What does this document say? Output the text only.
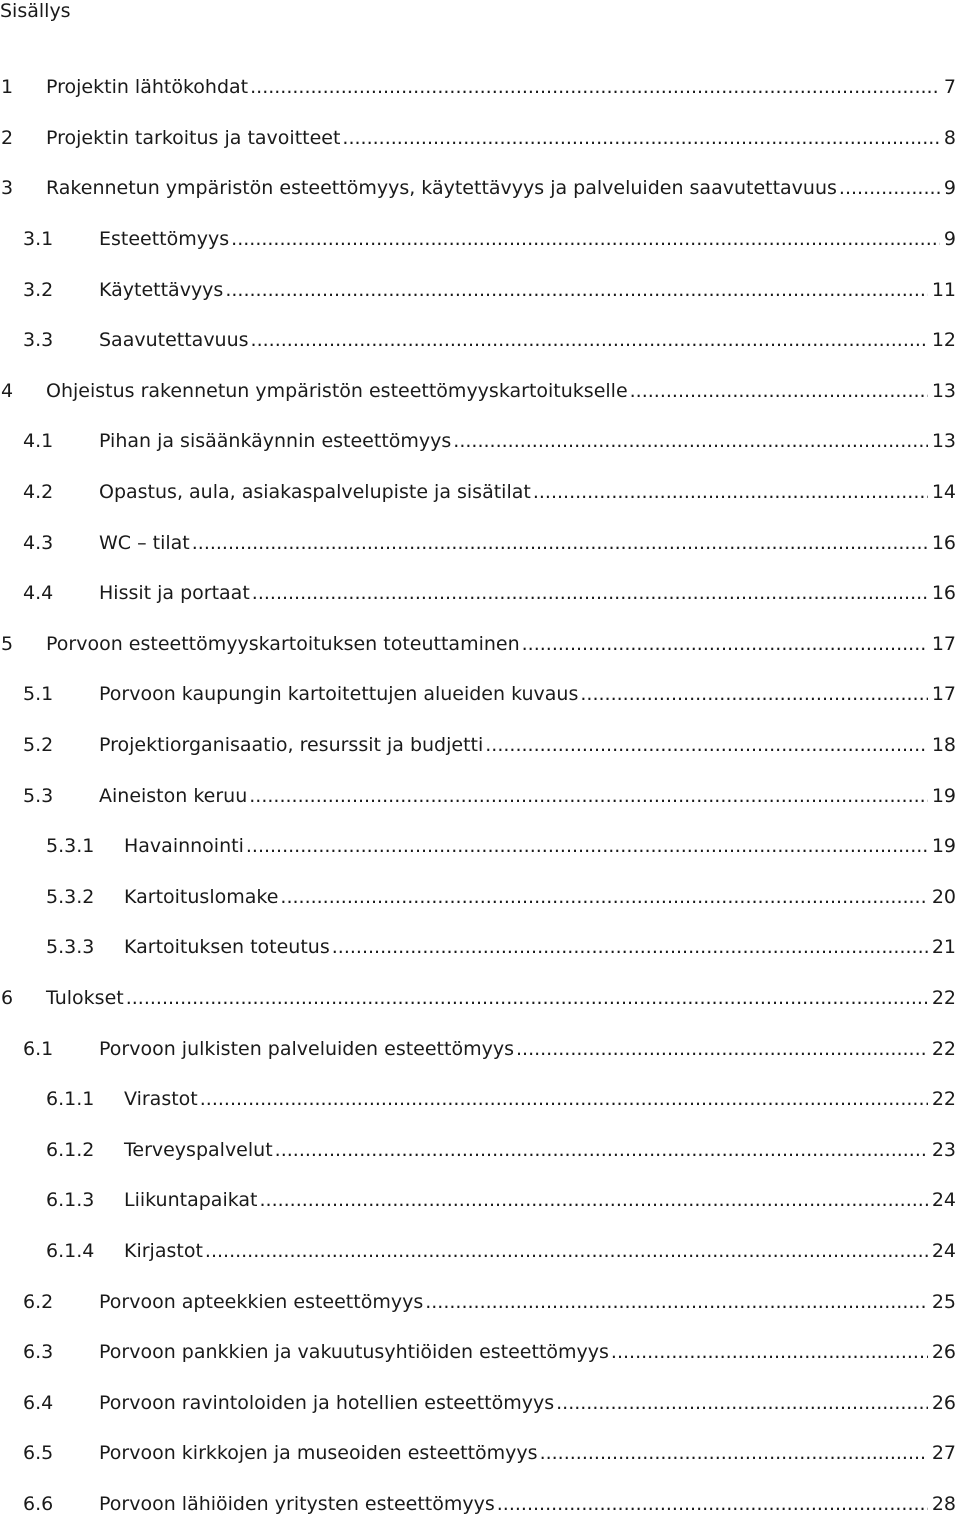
Sisällys
1	Projektin lähtökohdat .....	7
2	Projektin tarkoitus ja tavoitteet .....	8
3	Rakennetun ympäristön esteettömyys, käytettävyys ja palveluiden saavutettavuus .....	9
3.1	Esteettömyys .....	9
3.2	Käytettävyys .....	11
3.3	Saavutettavuus .....	12
4	Ohjeistus rakennetun ympäristön esteettömyyskartoitukselle .....	13
4.1	Pihan ja sisäänkäynnin esteettömyys .....	13
4.2	Opastus, aula, asiakaspalvelupiste ja sisätilat .....	14
4.3	WC – tilat .....	16
4.4	Hissit ja portaat .....	16
5	Porvoon esteettömyyskartoituksen toteuttaminen .....	17
5.1	Porvoon kaupungin kartoitettujen alueiden kuvaus .....	17
5.2	Projektiorganisaatio, resurssit ja budjetti .....	18
5.3	Aineiston keruu .....	19
5.3.1	Havainnointi .....	19
5.3.2	Kartoituslomake .....	20
5.3.3	Kartoituksen toteutus .....	21
6	Tulokset .....	22
6.1	Porvoon julkisten palveluiden esteettömyys .....	22
6.1.1	Virastot .....	22
6.1.2	Terveyspalvelut .....	23
6.1.3	Liikuntapaikat .....	24
6.1.4	Kirjastot .....	24
6.2	Porvoon apteekkien esteettömyys .....	25
6.3	Porvoon pankkien ja vakuutusyhtiöiden esteettömyys .....	26
6.4	Porvoon ravintoloiden ja hotellien esteettömyys .....	26
6.5	Porvoon kirkkojen ja museoiden esteettömyys .....	27
6.6	Porvoon lähiöiden yritysten esteettömyys .....	28
